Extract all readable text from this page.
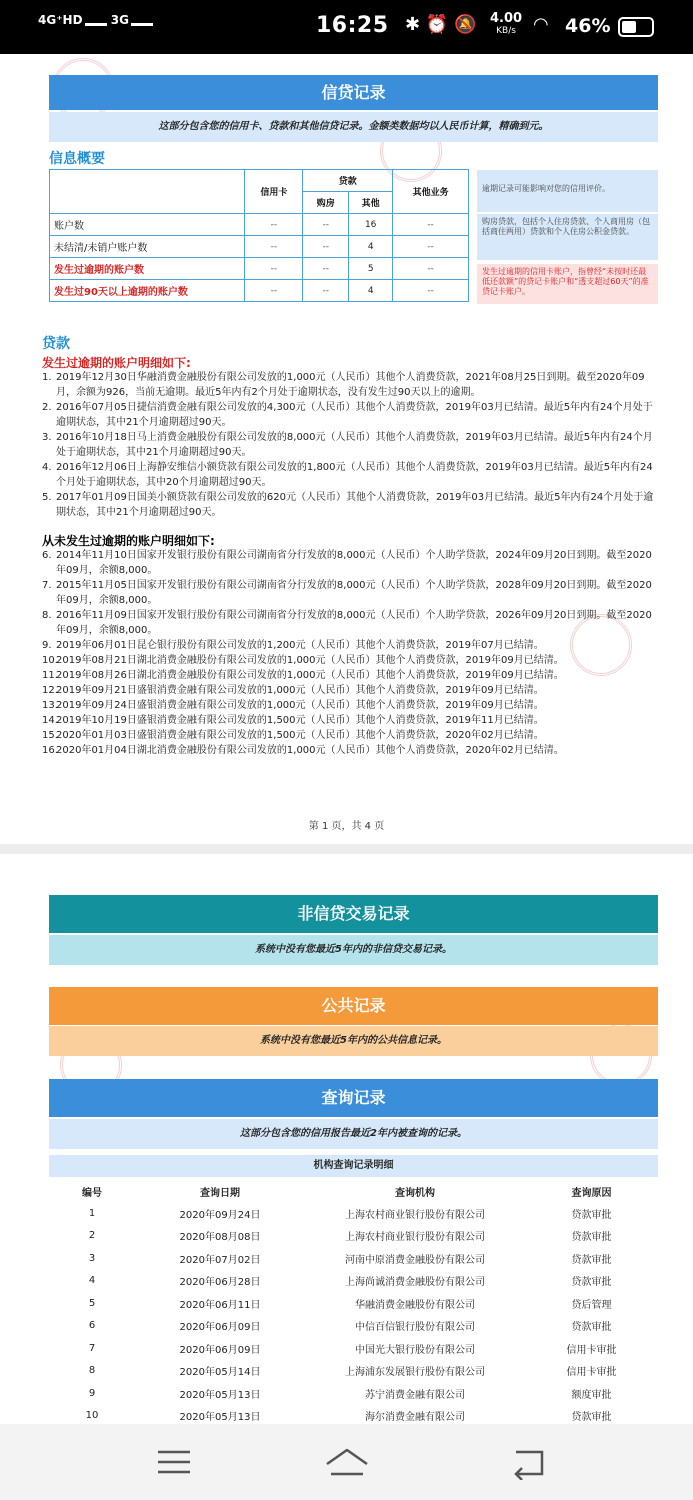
4G⁺HD 3G	16:25 ✱ ⏰ 🔕 4.00
KB/s ◠ 46%
信贷记录
这部分包含您的信用卡、贷款和其他信贷记录。金额类数据均以人民币计算，精确到元。
信息概要
	信用卡	贷款		其他业务
		购房	其他	
账户数	--	--	16	--
未结清/未销户账户数	--	--	4	--
发生过逾期的账户数	--	--	5	--
发生过90天以上逾期的账户数	--	--	4	--
逾期记录可能影响对您的信用评价。
购房贷款，包括个人住房贷款、个人商用房（包括商住两用）贷款和个人住房公积金贷款。
发生过逾期的信用卡账户，指曾经“未按时还最低还款额”的贷记卡账户和“透支超过60天”的准贷记卡账户。
贷款
发生过逾期的账户明细如下:
1. 2019年12月30日华融消费金融股份有限公司发放的1,000元（人民币）其他个人消费贷款，2021年08月25日到期。截至2020年09月，余额为926，当前无逾期。最近5年内有2个月处于逾期状态，没有发生过90天以上的逾期。
2. 2016年07月05日捷信消费金融有限公司发放的4,300元（人民币）其他个人消费贷款，2019年03月已结清。最近5年内有24个月处于逾期状态，其中21个月逾期超过90天。
3. 2016年10月18日马上消费金融股份有限公司发放的8,000元（人民币）其他个人消费贷款，2019年03月已结清。最近5年内有24个月处于逾期状态，其中21个月逾期超过90天。
4. 2016年12月06日上海静安维信小额贷款有限公司发放的1,800元（人民币）其他个人消费贷款，2019年03月已结清。最近5年内有24个月处于逾期状态，其中20个月逾期超过90天。
5. 2017年01月09日国美小额贷款有限公司发放的620元（人民币）其他个人消费贷款，2019年03月已结清。最近5年内有24个月处于逾期状态，其中21个月逾期超过90天。
从未发生过逾期的账户明细如下:
6. 2014年11月10日国家开发银行股份有限公司湖南省分行发放的8,000元（人民币）个人助学贷款，2024年09月20日到期。截至2020年09月，余额8,000。
7. 2015年11月05日国家开发银行股份有限公司湖南省分行发放的8,000元（人民币）个人助学贷款，2028年09月20日到期。截至2020年09月，余额8,000。
8. 2016年11月09日国家开发银行股份有限公司湖南省分行发放的8,000元（人民币）个人助学贷款，2026年09月20日到期。截至2020年09月，余额8,000。
9. 2019年06月01日昆仑银行股份有限公司发放的1,200元（人民币）其他个人消费贷款，2019年07月已结清。
10.
2019年08月21日湖北消费金融股份有限公司发放的1,000元（人民币）其他个人消费贷款，2019年09月已结清。
11.
2019年08月26日湖北消费金融股份有限公司发放的1,000元（人民币）其他个人消费贷款，2019年09月已结清。
12.
2019年09月21日盛银消费金融有限公司发放的1,000元（人民币）其他个人消费贷款，2019年09月已结清。
13.
2019年09月24日盛银消费金融有限公司发放的1,000元（人民币）其他个人消费贷款，2019年09月已结清。
14.
2019年10月19日盛银消费金融有限公司发放的1,500元（人民币）其他个人消费贷款，2019年11月已结清。
15.
2020年01月03日盛银消费金融有限公司发放的1,500元（人民币）其他个人消费贷款，2020年02月已结清。
16.
2020年01月04日湖北消费金融股份有限公司发放的1,000元（人民币）其他个人消费贷款，2020年02月已结清。
第 1 页，共 4 页
非信贷交易记录
系统中没有您最近5年内的非信贷交易记录。
公共记录
系统中没有您最近5年内的公共信息记录。
查询记录
这部分包含您的信用报告最近2年内被查询的记录。
机构查询记录明细
编号	查询日期	查询机构	查询原因
1	2020年09月24日	上海农村商业银行股份有限公司	贷款审批
2	2020年08月08日	上海农村商业银行股份有限公司	贷款审批
3	2020年07月02日	河南中原消费金融股份有限公司	贷款审批
4	2020年06月28日	上海尚诚消费金融股份有限公司	贷款审批
5	2020年06月11日	华融消费金融股份有限公司	贷后管理
6	2020年06月09日	中信百信银行股份有限公司	贷款审批
7	2020年06月09日	中国光大银行股份有限公司	信用卡审批
8	2020年05月14日	上海浦东发展银行股份有限公司	信用卡审批
9	2020年05月13日	苏宁消费金融有限公司	额度审批
10	2020年05月13日	海尔消费金融有限公司	贷款审批
